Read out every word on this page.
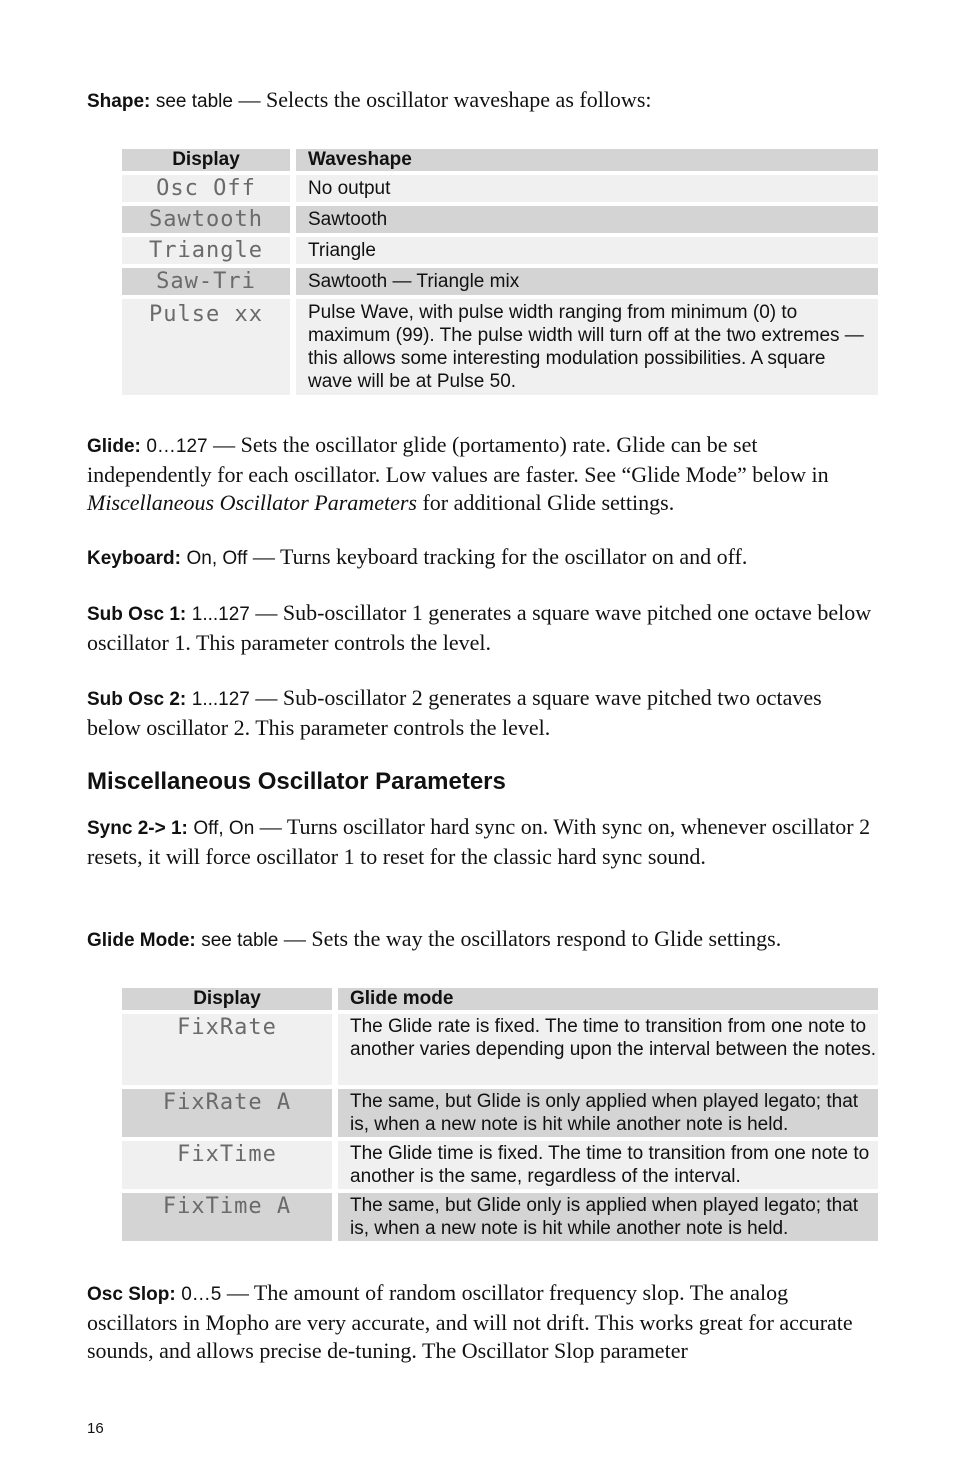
Shape: see table — Selects the oscillator waveshape as follows:

Display		Waveshape
Osc Off		No output
Sawtooth		Sawtooth
Triangle		Triangle
Saw-Tri		Sawtooth — Triangle mix
Pulse xx		Pulse Wave, with pulse width ranging from minimum (0) to maximum (99). The pulse width will turn off at the two extremes — this allows some interesting modulation possibilities. A square wave will be at Pulse 50.

Glide: 0…127 — Sets the oscillator glide (portamento) rate. Glide can be set independently for each oscillator. Low values are faster. See “Glide Mode” below in Miscellaneous Oscillator Parameters for additional Glide settings.

Keyboard: On, Off — Turns keyboard tracking for the oscillator on and off.

Sub Osc 1: 1...127 — Sub-oscillator 1 generates a square wave pitched one octave below oscillator 1. This parameter controls the level.

Sub Osc 2: 1...127 — Sub-oscillator 2 generates a square wave pitched two octaves below oscillator 2. This parameter controls the level.

Miscellaneous Oscillator Parameters

Sync 2-> 1: Off, On — Turns oscillator hard sync on. With sync on, whenever oscillator 2 resets, it will force oscillator 1 to reset for the classic hard sync sound.

Glide Mode: see table — Sets the way the oscillators respond to Glide settings.

Display		Glide mode
FixRate		The Glide rate is fixed. The time to transition from one note to another varies depending upon the interval between the notes.
FixRate A		The same, but Glide is only applied when played legato; that is, when a new note is hit while another note is held.
FixTime		The Glide time is fixed. The time to transition from one note to another is the same, regardless of the interval.
FixTime A		The same, but Glide only is applied when played legato; that is, when a new note is hit while another note is held.

Osc Slop: 0…5 — The amount of random oscillator frequency slop. The analog oscillators in Mopho are very accurate, and will not drift. This works great for accurate sounds, and allows precise de-tuning. The Oscillator Slop parameter

16
